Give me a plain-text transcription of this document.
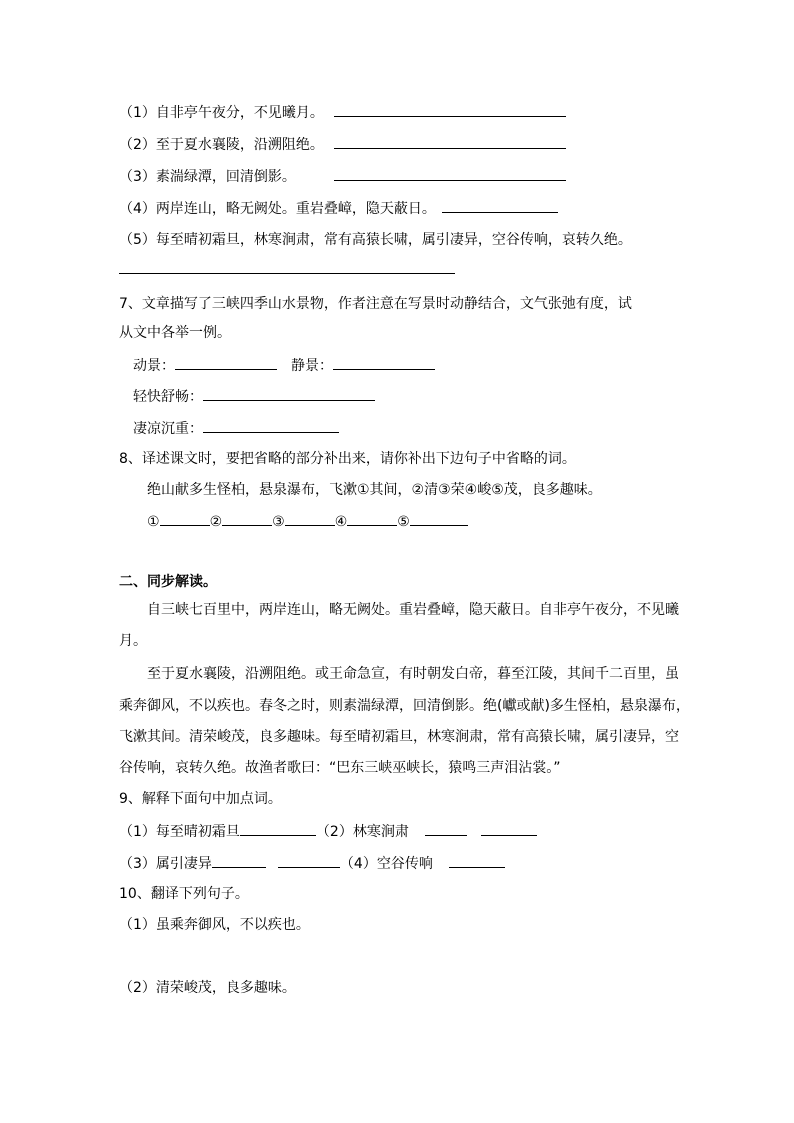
（1）自非亭午夜分，不见曦月。
（2）至于夏水襄陵，沿溯阻绝。
（3）素湍绿潭，回清倒影。
（4）两岸连山，略无阙处。重岩叠嶂，隐天蔽日。
（5）每至晴初霜旦，林寒涧肃，常有高猿长啸，属引凄异，空谷传响，哀转久绝。
7、文章描写了三峡四季山水景物，作者注意在写景时动静结合，文气张弛有度，试
从文中各举一例。
动景：	静景：
轻快舒畅：
凄凉沉重：
8、译述课文时，要把省略的部分补出来，请你补出下边句子中省略的词。
绝山献多生怪柏，悬泉瀑布，飞漱①其间，②清③荣④峻⑤茂，良多趣味。
①	②	③	④	⑤
二、同步解读。
自三峡七百里中，两岸连山，略无阙处。重岩叠嶂，隐天蔽日。自非亭午夜分，不见曦
月。
至于夏水襄陵，沿溯阻绝。或王命急宣，有时朝发白帝，暮至江陵，其间千二百里，虽
乘奔御风，不以疾也。春冬之时，则素湍绿潭，回清倒影。绝(巘或献)多生怪柏，悬泉瀑布，
飞漱其间。清荣峻茂，良多趣味。每至晴初霜旦，林寒涧肃，常有高猿长啸，属引凄异，空
谷传响，哀转久绝。故渔者歌曰：“巴东三峡巫峡长，猿鸣三声泪沾裳。”
9、解释下面句中加点词。
（1）每至晴初霜旦	（2）林寒涧肃
（3）属引凄异	（4）空谷传响
10、翻译下列句子。
（1）虽乘奔御风，不以疾也。
（2）清荣峻茂，良多趣味。
